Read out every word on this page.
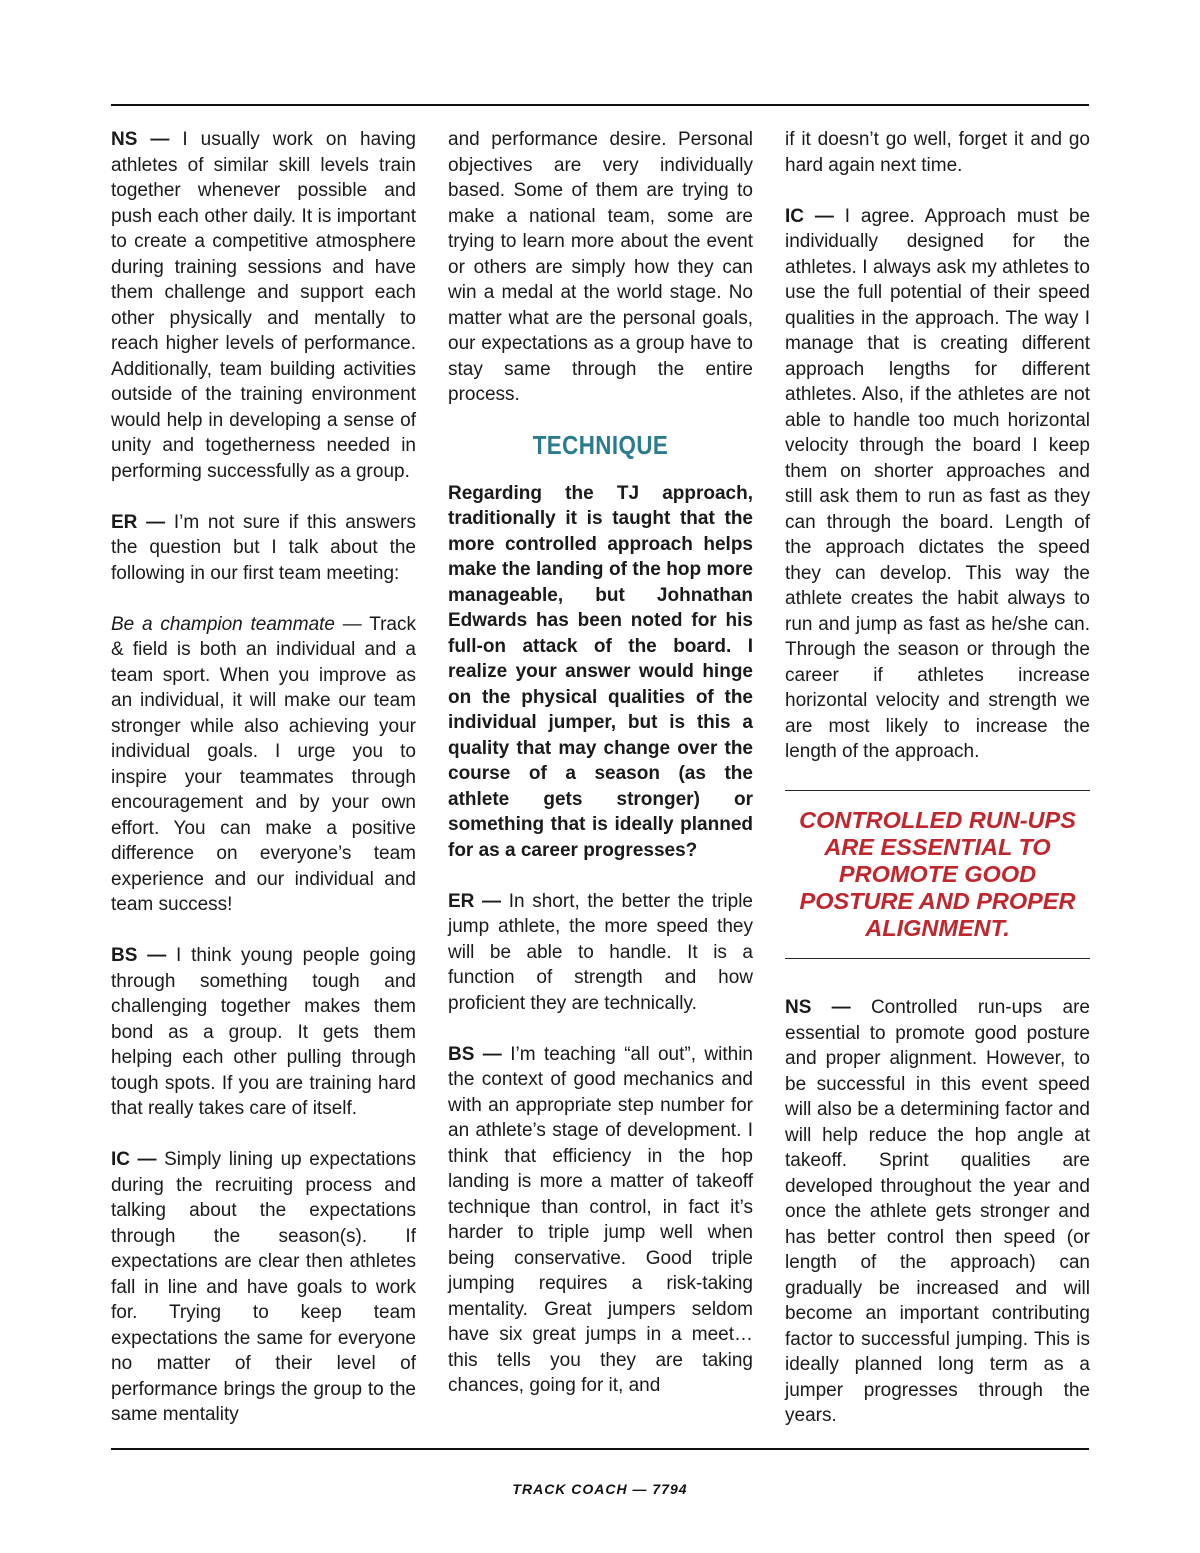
NS — I usually work on having athletes of similar skill levels train together whenever possible and push each other daily. It is important to create a competitive atmosphere during training sessions and have them challenge and support each other physically and mentally to reach higher levels of performance. Additionally, team building activities outside of the training environment would help in developing a sense of unity and togetherness needed in performing successfully as a group.

ER — I’m not sure if this answers the question but I talk about the following in our first team meeting:

Be a champion teammate — Track & field is both an individual and a team sport. When you improve as an individual, it will make our team stronger while also achieving your individual goals. I urge you to inspire your teammates through encouragement and by your own effort. You can make a positive difference on everyone’s team experience and our individual and team success!

BS — I think young people going through something tough and challenging together makes them bond as a group. It gets them helping each other pulling through tough spots. If you are training hard that really takes care of itself.

IC — Simply lining up expectations during the recruiting process and talking about the expectations through the season(s). If expectations are clear then athletes fall in line and have goals to work for. Trying to keep team expectations the same for everyone no matter of their level of performance brings the group to the same mentality

and performance desire. Personal objectives are very individually based. Some of them are trying to make a national team, some are trying to learn more about the event or others are simply how they can win a medal at the world stage. No matter what are the personal goals, our expectations as a group have to stay same through the entire process.

TECHNIQUE

Regarding the TJ approach, traditionally it is taught that the more controlled approach helps make the landing of the hop more manageable, but Johnathan Edwards has been noted for his full-on attack of the board. I realize your answer would hinge on the physical qualities of the individual jumper, but is this a quality that may change over the course of a season (as the athlete gets stronger) or something that is ideally planned for as a career progresses?

ER — In short, the better the triple jump athlete, the more speed they will be able to handle. It is a function of strength and how proficient they are technically.

BS — I’m teaching “all out”, within the context of good mechanics and with an appropriate step number for an athlete’s stage of development. I think that efficiency in the hop landing is more a matter of takeoff technique than control, in fact it’s harder to triple jump well when being conservative. Good triple jumping requires a risk-taking mentality. Great jumpers seldom have six great jumps in a meet… this tells you they are taking chances, going for it, and

if it doesn’t go well, forget it and go hard again next time.

IC — I agree. Approach must be individually designed for the athletes. I always ask my athletes to use the full potential of their speed qualities in the approach. The way I manage that is creating different approach lengths for different athletes. Also, if the athletes are not able to handle too much horizontal velocity through the board I keep them on shorter approaches and still ask them to run as fast as they can through the board. Length of the approach dictates the speed they can develop. This way the athlete creates the habit always to run and jump as fast as he/she can. Through the season or through the career if athletes increase horizontal velocity and strength we are most likely to increase the length of the approach.

CONTROLLED RUN-UPS ARE ESSENTIAL TO PROMOTE GOOD POSTURE AND PROPER ALIGNMENT.

NS — Controlled run-ups are essential to promote good posture and proper alignment. However, to be successful in this event speed will also be a determining factor and will help reduce the hop angle at takeoff. Sprint qualities are developed throughout the year and once the athlete gets stronger and has better control then speed (or length of the approach) can gradually be increased and will become an important contributing factor to successful jumping. This is ideally planned long term as a jumper progresses through the years.

TRACK COACH — 7794
